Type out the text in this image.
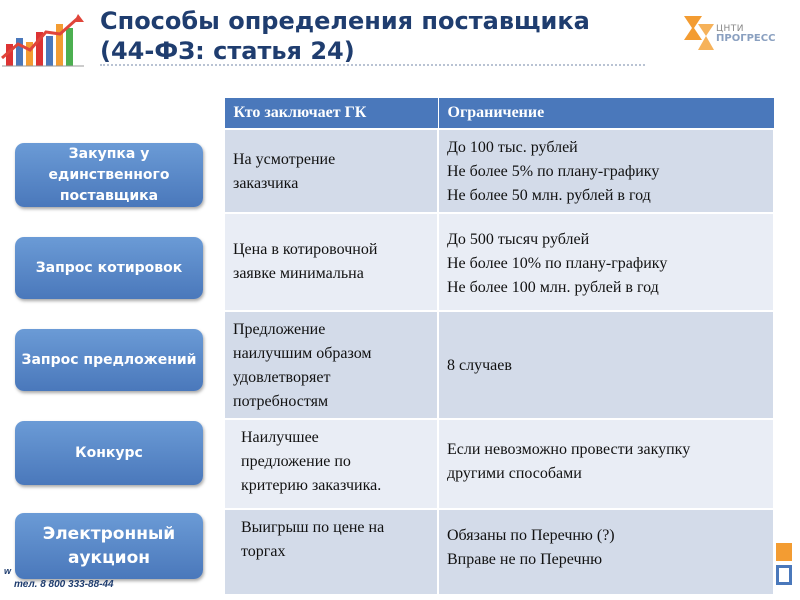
Способы определения поставщика
(44-ФЗ: статья 24)
ЦНТИ
ПРОГРЕСС
Закупка у единственного поставщика
Запрос котировок
Запрос предложений
Конкурс
Электронный аукцион
Кто заключает ГК	Ограничение

На усмотрение
заказчика	До 100 тыс. рублей
Не более 5% по плану-графику
Не более 50 млн. рублей в год

Цена в котировочной
заявке минимальна	До 500 тысяч рублей
Не более 10% по плану-графику
Не более 100 млн. рублей в год

Предложение
наилучшим образом
удовлетворяет
потребностям	8 случаев

Наилучшее
предложение по
критерию заказчика.	Если невозможно провести закупку
другими способами

Выигрыш по цене на
торгах	Обязаны по Перечню (?)
Вправе не по Перечню
w
тел. 8 800 333-88-44
